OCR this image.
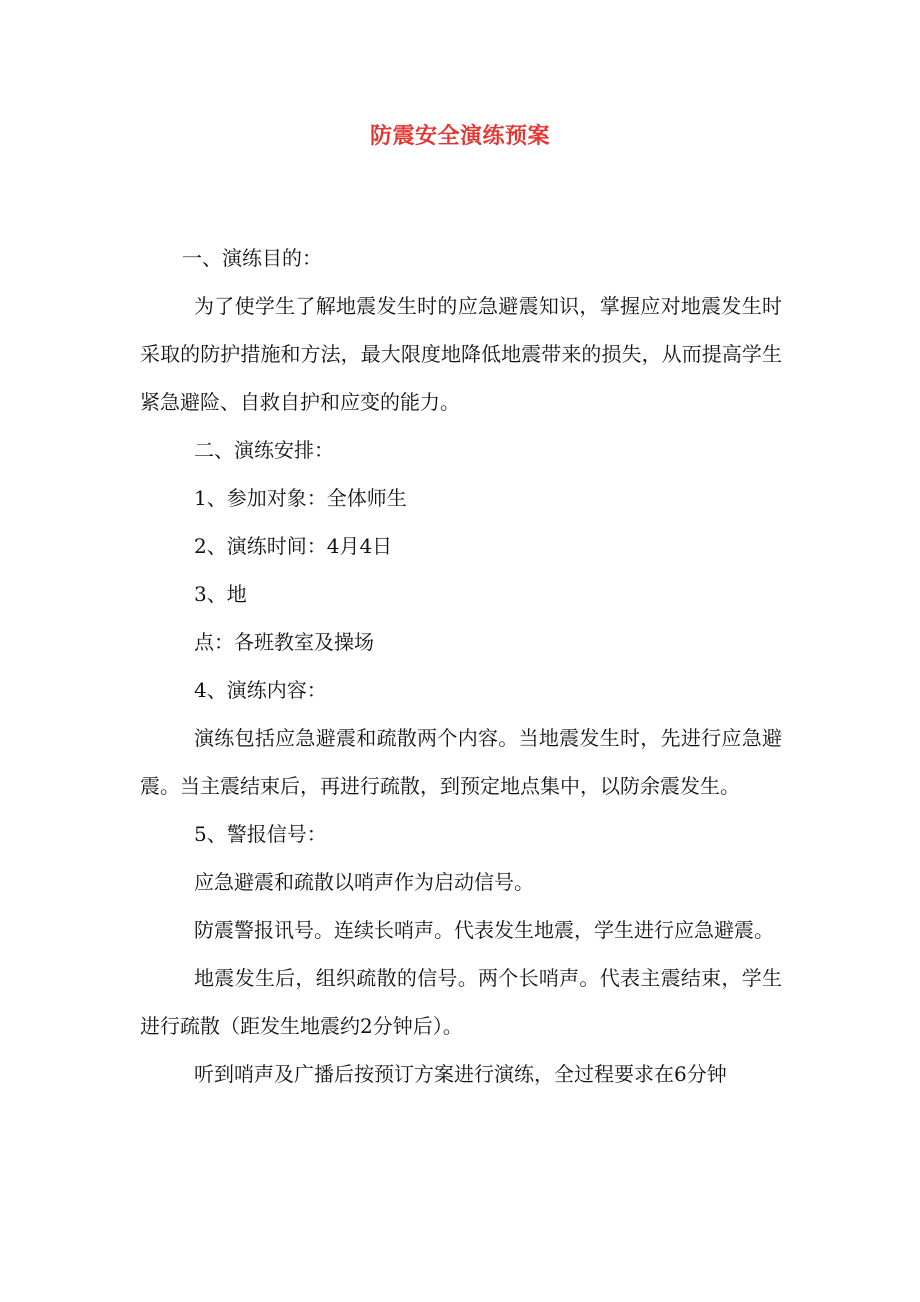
防震安全演练预案

一、演练目的：

为了使学生了解地震发生时的应急避震知识，掌握应对地震发生时采取的防护措施和方法，最大限度地降低地震带来的损失，从而提高学生紧急避险、自救自护和应变的能力。

二、演练安排：

1、参加对象：全体师生

2、演练时间：4月4日

3、地

点：各班教室及操场

4、演练内容：

演练包括应急避震和疏散两个内容。当地震发生时，先进行应急避震。当主震结束后，再进行疏散，到预定地点集中，以防余震发生。

5、警报信号：

应急避震和疏散以哨声作为启动信号。

防震警报讯号。连续长哨声。代表发生地震，学生进行应急避震。

地震发生后，组织疏散的信号。两个长哨声。代表主震结束，学生进行疏散（距发生地震约2分钟后）。

听到哨声及广播后按预订方案进行演练，全过程要求在6分钟
